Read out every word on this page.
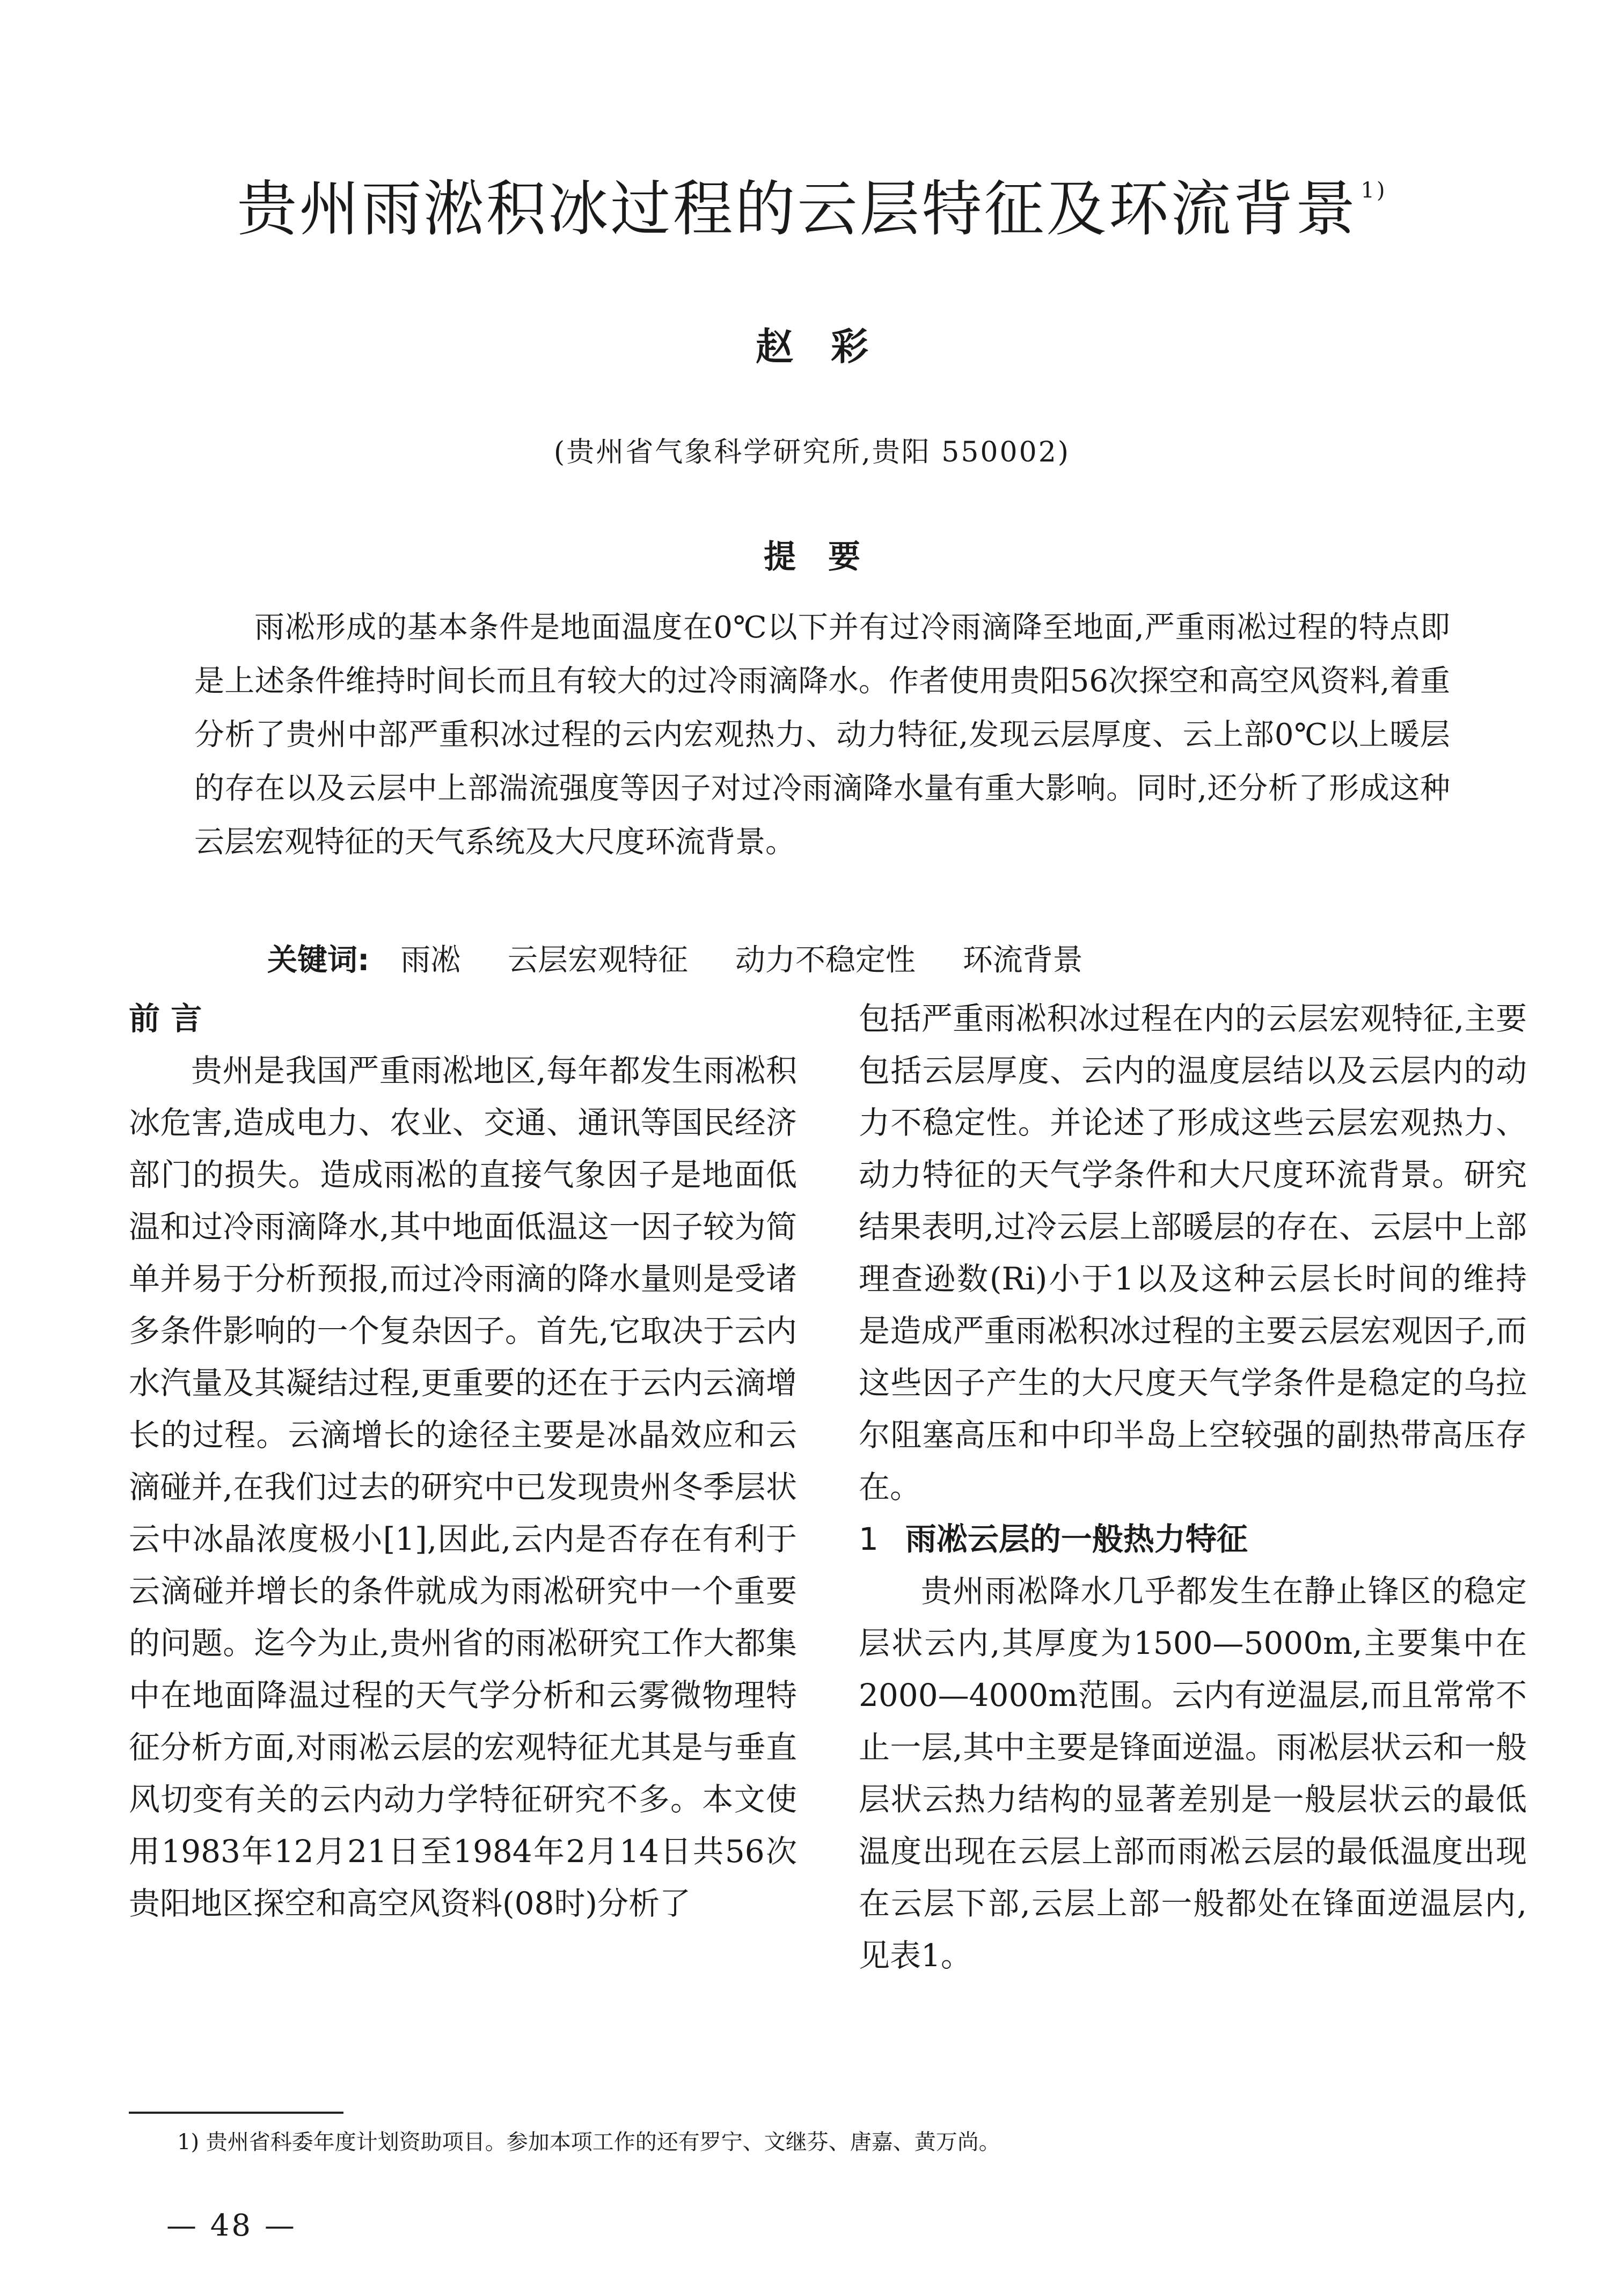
贵州雨淞积冰过程的云层特征及环流背景 $^{1)}$
赵彩
(贵州省气象科学研究所,贵阳 550002)
提要

雨凇形成的基本条件是地面温度在0℃以下并有过冷雨滴降至地面,严重雨凇过程的特点即是上述条件维持时间长而且有较大的过冷雨滴降水。作者使用贵阳56次探空和高空风资料,着重分析了贵州中部严重积冰过程的云内宏观热力、动力特征,发现云层厚度、云上部0℃以上暖层的存在以及云层中上部湍流强度等因子对过冷雨滴降水量有重大影响。同时,还分析了形成这种云层宏观特征的天气系统及大尺度环流背景。

关键词: 雨凇 云层宏观特征 动力不稳定性 环流背景
前 言

贵州是我国严重雨凇地区,每年都发生雨凇积冰危害,造成电力、农业、交通、通讯等国民经济部门的损失。造成雨凇的直接气象因子是地面低温和过冷雨滴降水,其中地面低温这一因子较为简单并易于分析预报,而过冷雨滴的降水量则是受诸多条件影响的一个复杂因子。首先,它取决于云内水汽量及其凝结过程,更重要的还在于云内云滴增长的过程。云滴增长的途径主要是冰晶效应和云滴碰并,在我们过去的研究中已发现贵州冬季层状云中冰晶浓度极小[1],因此,云内是否存在有利于云滴碰并增长的条件就成为雨凇研究中一个重要的问题。迄今为止,贵州省的雨凇研究工作大都集中在地面降温过程的天气学分析和云雾微物理特征分析方面,对雨凇云层的宏观特征尤其是与垂直风切变有关的云内动力学特征研究不多。本文使用1983年12月21日至1984年2月14日共56次贵阳地区探空和高空风资料(08时)分析了

包括严重雨凇积冰过程在内的云层宏观特征,主要包括云层厚度、云内的温度层结以及云层内的动力不稳定性。并论述了形成这些云层宏观热力、动力特征的天气学条件和大尺度环流背景。研究结果表明,过冷云层上部暖层的存在、云层中上部理查逊数(Ri)小于1以及这种云层长时间的维持是造成严重雨凇积冰过程的主要云层宏观因子,而这些因子产生的大尺度天气学条件是稳定的乌拉尔阻塞高压和中印半岛上空较强的副热带高压存在。

1 雨凇云层的一般热力特征

贵州雨凇降水几乎都发生在静止锋区的稳定层状云内,其厚度为1500—5000m,主要集中在2000—4000m范围。云内有逆温层,而且常常不止一层,其中主要是锋面逆温。雨凇层状云和一般层状云热力结构的显著差别是一般层状云的最低温度出现在云层上部而雨凇云层的最低温度出现在云层下部,云层上部一般都处在锋面逆温层内,见表1。

1) 贵州省科委年度计划资助项目。参加本项工作的还有罗宁、文继芬、唐嘉、黄万尚。
— 48 —
